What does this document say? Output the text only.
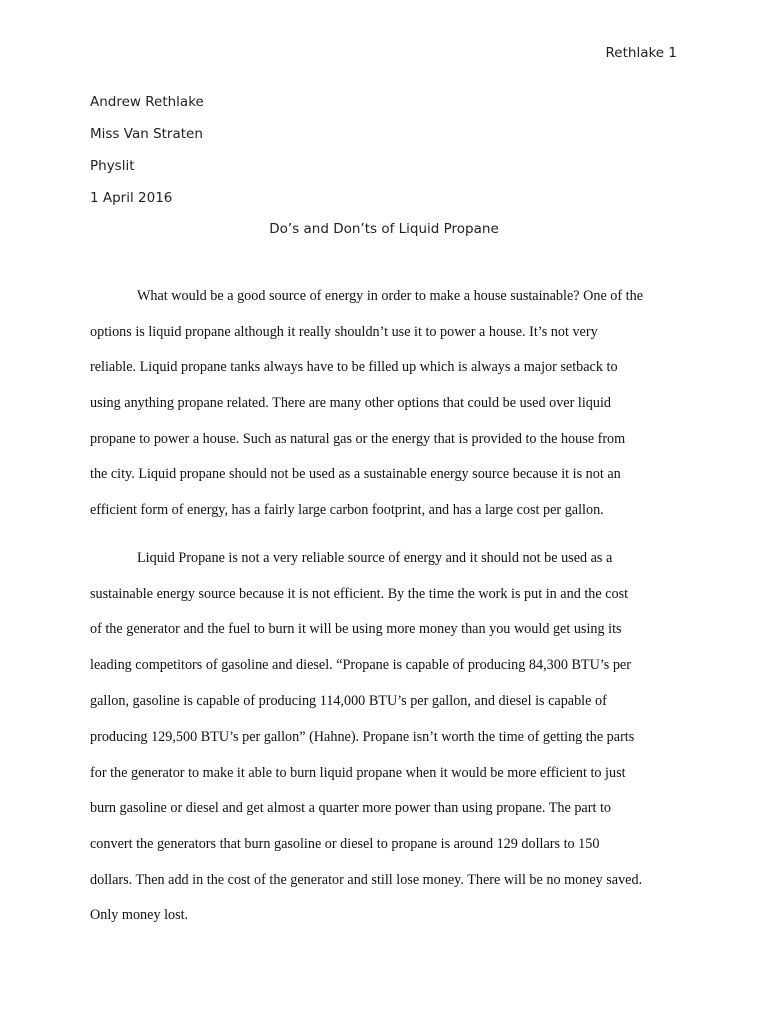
Rethlake 1
Andrew Rethlake
Miss Van Straten
Physlit
1 April 2016
Do’s and Don’ts of Liquid Propane
What would be a good source of energy in order to make a house sustainable? One of the
options is liquid propane although it really shouldn’t use it to power a house. It’s not very
reliable. Liquid propane tanks always have to be filled up which is always a major setback to
using anything propane related. There are many other options that could be used over liquid
propane to power a house. Such as natural gas or the energy that is provided to the house from
the city. Liquid propane should not be used as a sustainable energy source because it is not an
efficient form of energy, has a fairly large carbon footprint, and has a large cost per gallon.
Liquid Propane is not a very reliable source of energy and it should not be used as a
sustainable energy source because it is not efficient. By the time the work is put in and the cost
of the generator and the fuel to burn it will be using more money than you would get using its
leading competitors of gasoline and diesel. “Propane is capable of producing 84,300 BTU’s per
gallon, gasoline is capable of producing 114,000 BTU’s per gallon, and diesel is capable of
producing 129,500 BTU’s per gallon” (Hahne). Propane isn’t worth the time of getting the parts
for the generator to make it able to burn liquid propane when it would be more efficient to just
burn gasoline or diesel and get almost a quarter more power than using propane. The part to
convert the generators that burn gasoline or diesel to propane is around 129 dollars to 150
dollars. Then add in the cost of the generator and still lose money. There will be no money saved.
Only money lost.
